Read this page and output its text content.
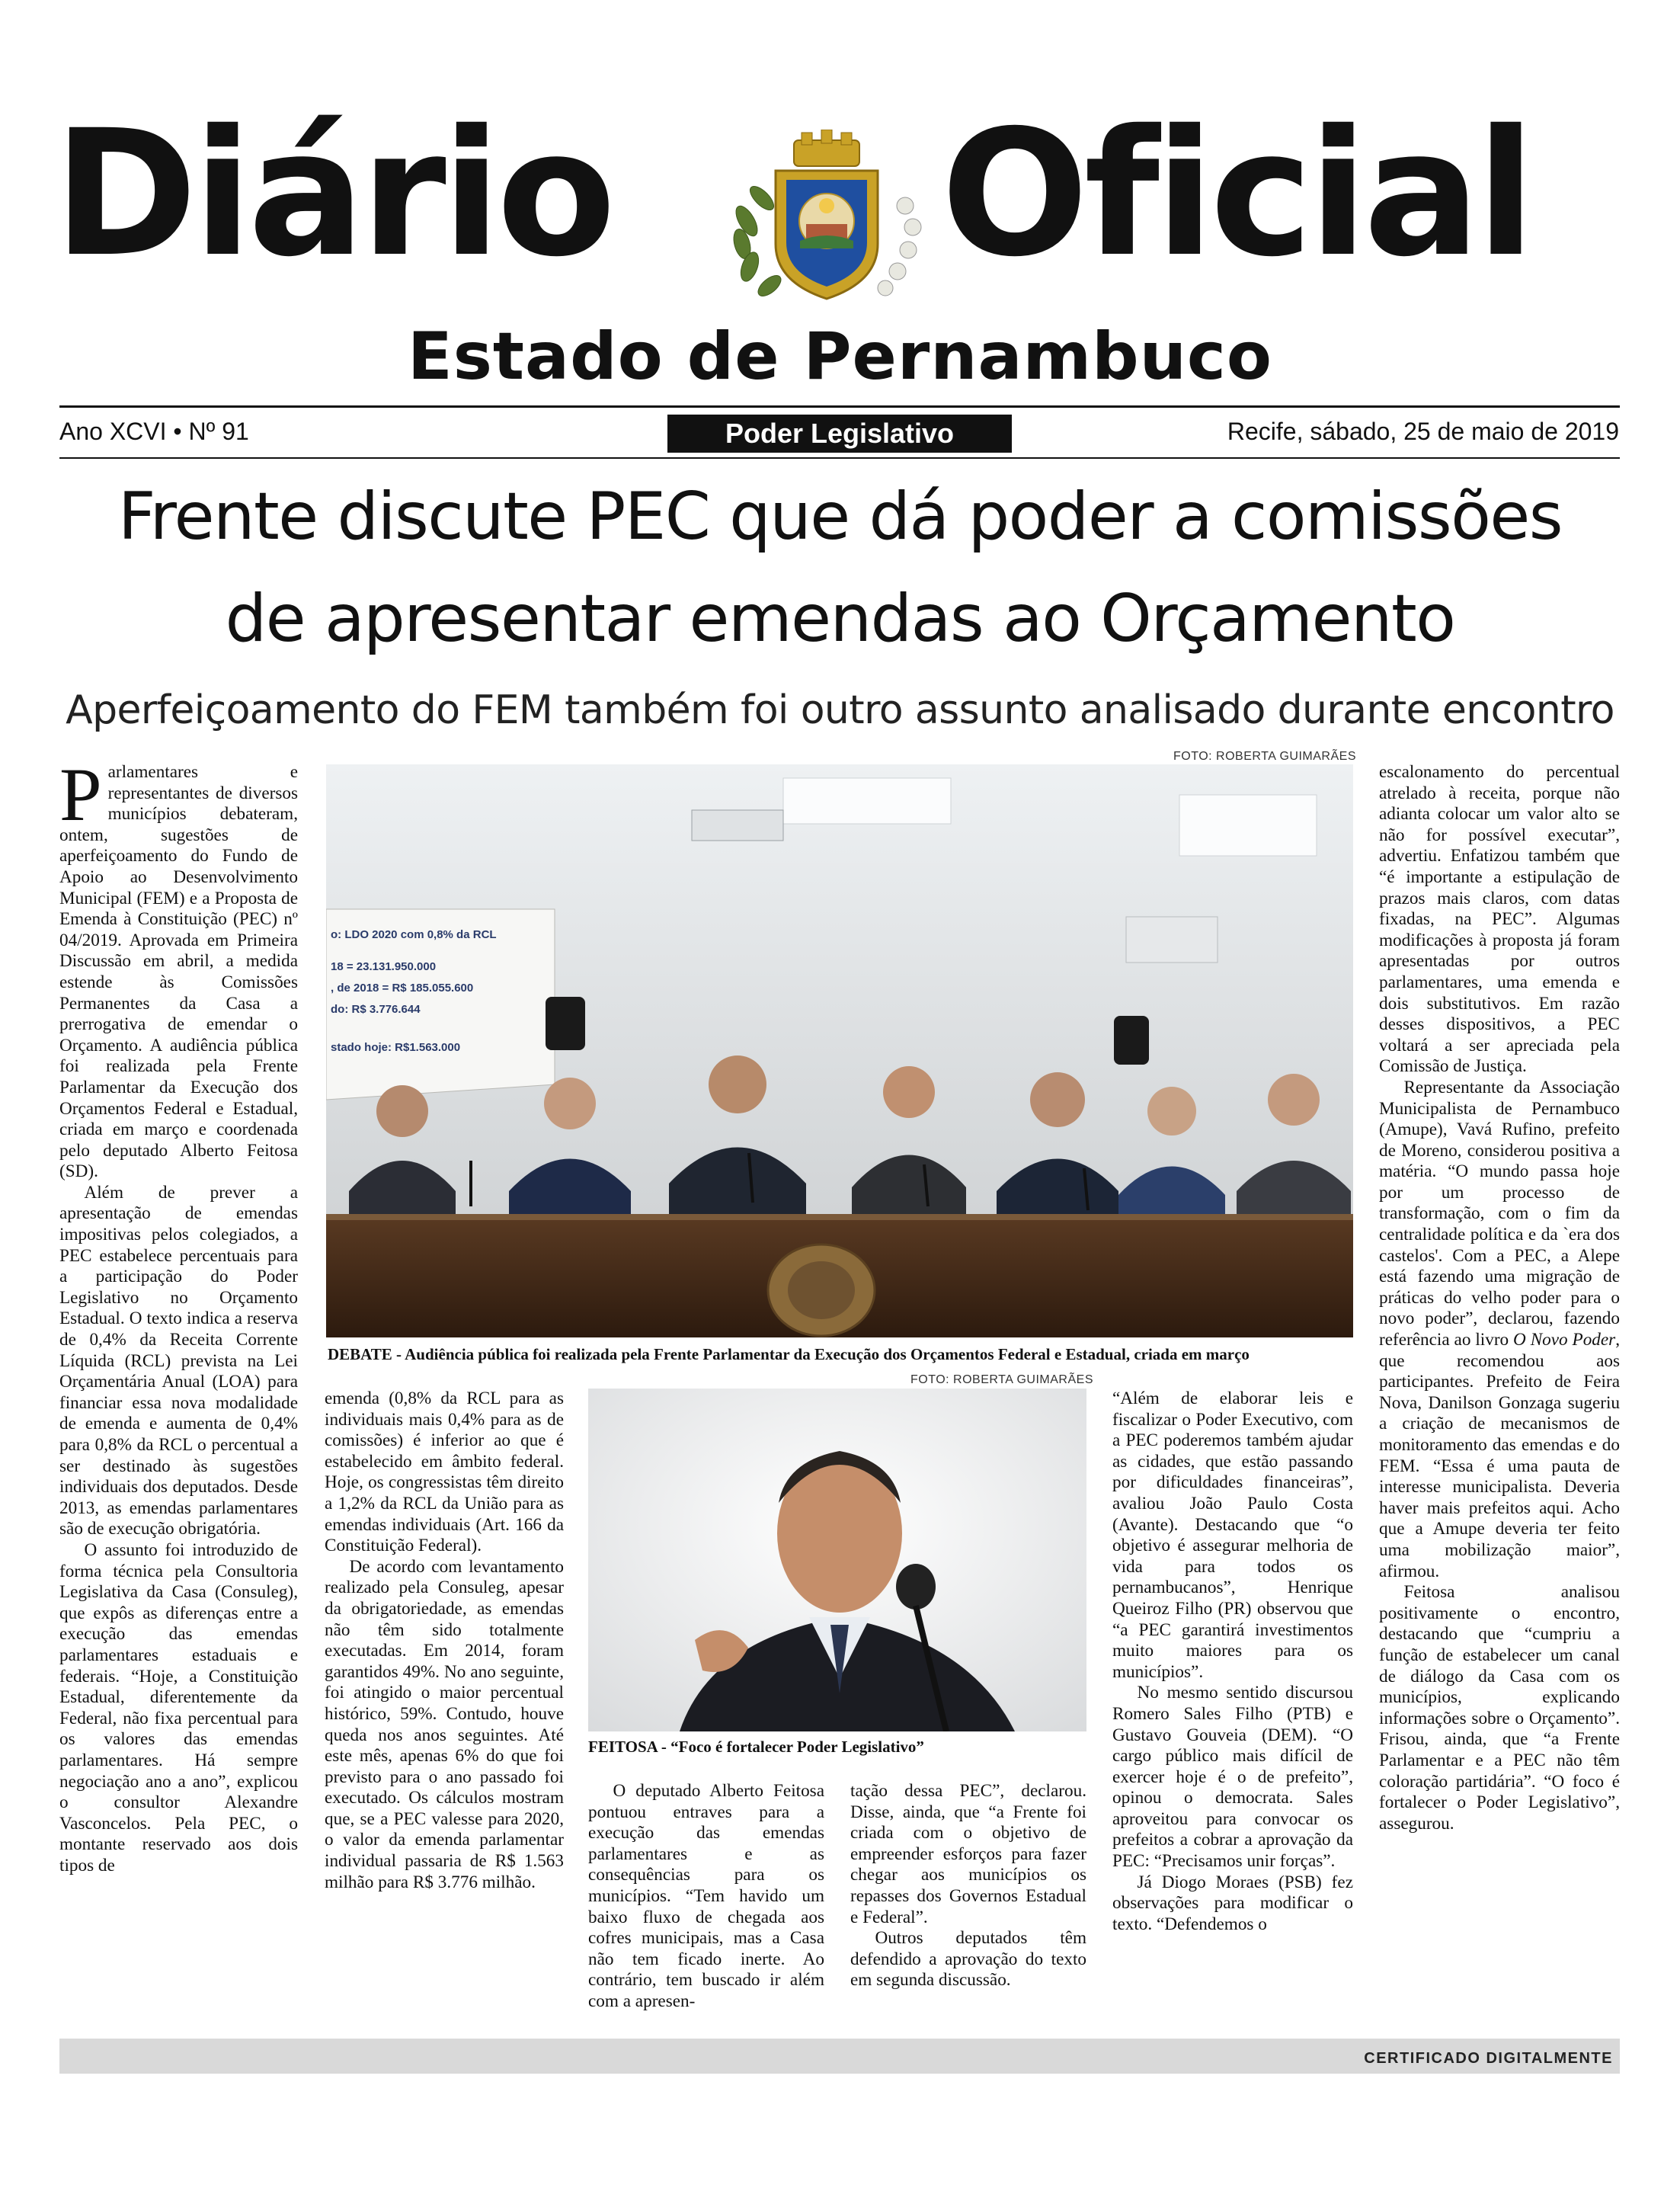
Diário Oficial
Estado de Pernambuco
Ano XCVI • Nº 91	Poder Legislativo	Recife, sábado, 25 de maio de 2019
Frente discute PEC que dá poder a comissões
de apresentar emendas ao Orçamento
Aperfeiçoamento do FEM também foi outro assunto analisado durante encontro
FOTO: ROBERTA GUIMARÃES
o: LDO 2020 com 0,8% da RCL
18 = 23.131.950.000
, de 2018 = R$ 185.055.600
do: R$ 3.776.644
stado hoje: R$1.563.000
DEBATE - Audiência pública foi realizada pela Frente Parlamentar da Execução dos Orçamentos Federal e Estadual, criada em março
FOTO: ROBERTA GUIMARÃES
FEITOSA - “Foco é fortalecer Poder Legislativo”

Parlamentares e representantes de diversos municípios debateram, ontem, sugestões de aperfeiçoamento do Fundo de Apoio ao Desenvolvimento Municipal (FEM) e a Proposta de Emenda à Constituição (PEC) nº 04/2019. Aprovada em Primeira Discussão em abril, a medida estende às Comissões Permanentes da Casa a prerrogativa de emendar o Orçamento. A audiência pública foi realizada pela Frente Parlamentar da Execução dos Orçamentos Federal e Estadual, criada em março e coordenada pelo deputado Alberto Feitosa (SD).

Além de prever a apresentação de emendas impositivas pelos colegiados, a PEC estabelece percentuais para a participação do Poder Legislativo no Orçamento Estadual. O texto indica a reserva de 0,4% da Receita Corrente Líquida (RCL) prevista na Lei Orçamentária Anual (LOA) para financiar essa nova modalidade de emenda e aumenta de 0,4% para 0,8% da RCL o percentual a ser destinado às sugestões individuais dos deputados. Desde 2013, as emendas parlamentares são de execução obrigatória.

O assunto foi introduzido de forma técnica pela Consultoria Legislativa da Casa (Consuleg), que expôs as diferenças entre a execução das emendas parlamentares estaduais e federais. “Hoje, a Constituição Estadual, diferentemente da Federal, não fixa percentual para os valores das emendas parlamentares. Há sempre negociação ano a ano”, explicou o consultor Alexandre Vasconcelos. Pela PEC, o montante reservado aos dois tipos de

emenda (0,8% da RCL para as individuais mais 0,4% para as de comissões) é inferior ao que é estabelecido em âmbito federal. Hoje, os congressistas têm direito a 1,2% da RCL da União para as emendas individuais (Art. 166 da Constituição Federal).

De acordo com levantamento realizado pela Consuleg, apesar da obrigatoriedade, as emendas não têm sido totalmente executadas. Em 2014, foram garantidos 49%. No ano seguinte, foi atingido o maior percentual histórico, 59%. Contudo, houve queda nos anos seguintes. Até este mês, apenas 6% do que foi previsto para o ano passado foi executado. Os cálculos mostram que, se a PEC valesse para 2020, o valor da emenda parlamentar individual passaria de R$ 1.563 milhão para R$ 3.776 milhão.

O deputado Alberto Feitosa pontuou entraves para a execução das emendas parlamentares e as consequências para os municípios. “Tem havido um baixo fluxo de chegada aos cofres municipais, mas a Casa não tem ficado inerte. Ao contrário, tem buscado ir além com a apresen-

tação dessa PEC”, declarou. Disse, ainda, que “a Frente foi criada com o objetivo de empreender esforços para fazer chegar aos municípios os repasses dos Governos Estadual e Federal”.

Outros deputados têm defendido a aprovação do texto em segunda discussão.

“Além de elaborar leis e fiscalizar o Poder Executivo, com a PEC poderemos também ajudar as cidades, que estão passando por dificuldades financeiras”, avaliou João Paulo Costa (Avante). Destacando que “o objetivo é assegurar melhoria de vida para todos os pernambucanos”, Henrique Queiroz Filho (PR) observou que “a PEC garantirá investimentos muito maiores para os municípios”.

No mesmo sentido discursou Romero Sales Filho (PTB) e Gustavo Gouveia (DEM). “O cargo público mais difícil de exercer hoje é o de prefeito”, opinou o democrata. Sales aproveitou para convocar os prefeitos a cobrar a aprovação da PEC: “Precisamos unir forças”.

Já Diogo Moraes (PSB) fez observações para modificar o texto. “Defendemos o

escalonamento do percentual atrelado à receita, porque não adianta colocar um valor alto se não for possível executar”, advertiu. Enfatizou também que “é importante a estipulação de prazos mais claros, com datas fixadas, na PEC”. Algumas modificações à proposta já foram apresentadas por outros parlamentares, uma emenda e dois substitutivos. Em razão desses dispositivos, a PEC voltará a ser apreciada pela Comissão de Justiça.

Representante da Associação Municipalista de Pernambuco (Amupe), Vavá Rufino, prefeito de Moreno, considerou positiva a matéria. “O mundo passa hoje por um processo de transformação, com o fim da centralidade política e da `era dos castelos'. Com a PEC, a Alepe está fazendo uma migração de práticas do velho poder para o novo poder”, declarou, fazendo referência ao livro O Novo Poder, que recomendou aos participantes. Prefeito de Feira Nova, Danilson Gonzaga sugeriu a criação de mecanismos de monitoramento das emendas e do FEM. “Essa é uma pauta de interesse municipalista. Deveria haver mais prefeitos aqui. Acho que a Amupe deveria ter feito uma mobilização maior”, afirmou.

Feitosa analisou positivamente o encontro, destacando que “cumpriu a função de estabelecer um canal de diálogo da Casa com os municípios, explicando informações sobre o Orçamento”. Frisou, ainda, que “a Frente Parlamentar e a PEC não têm coloração partidária”. “O foco é fortalecer o Poder Legislativo”, assegurou.

CERTIFICADO DIGITALMENTE
